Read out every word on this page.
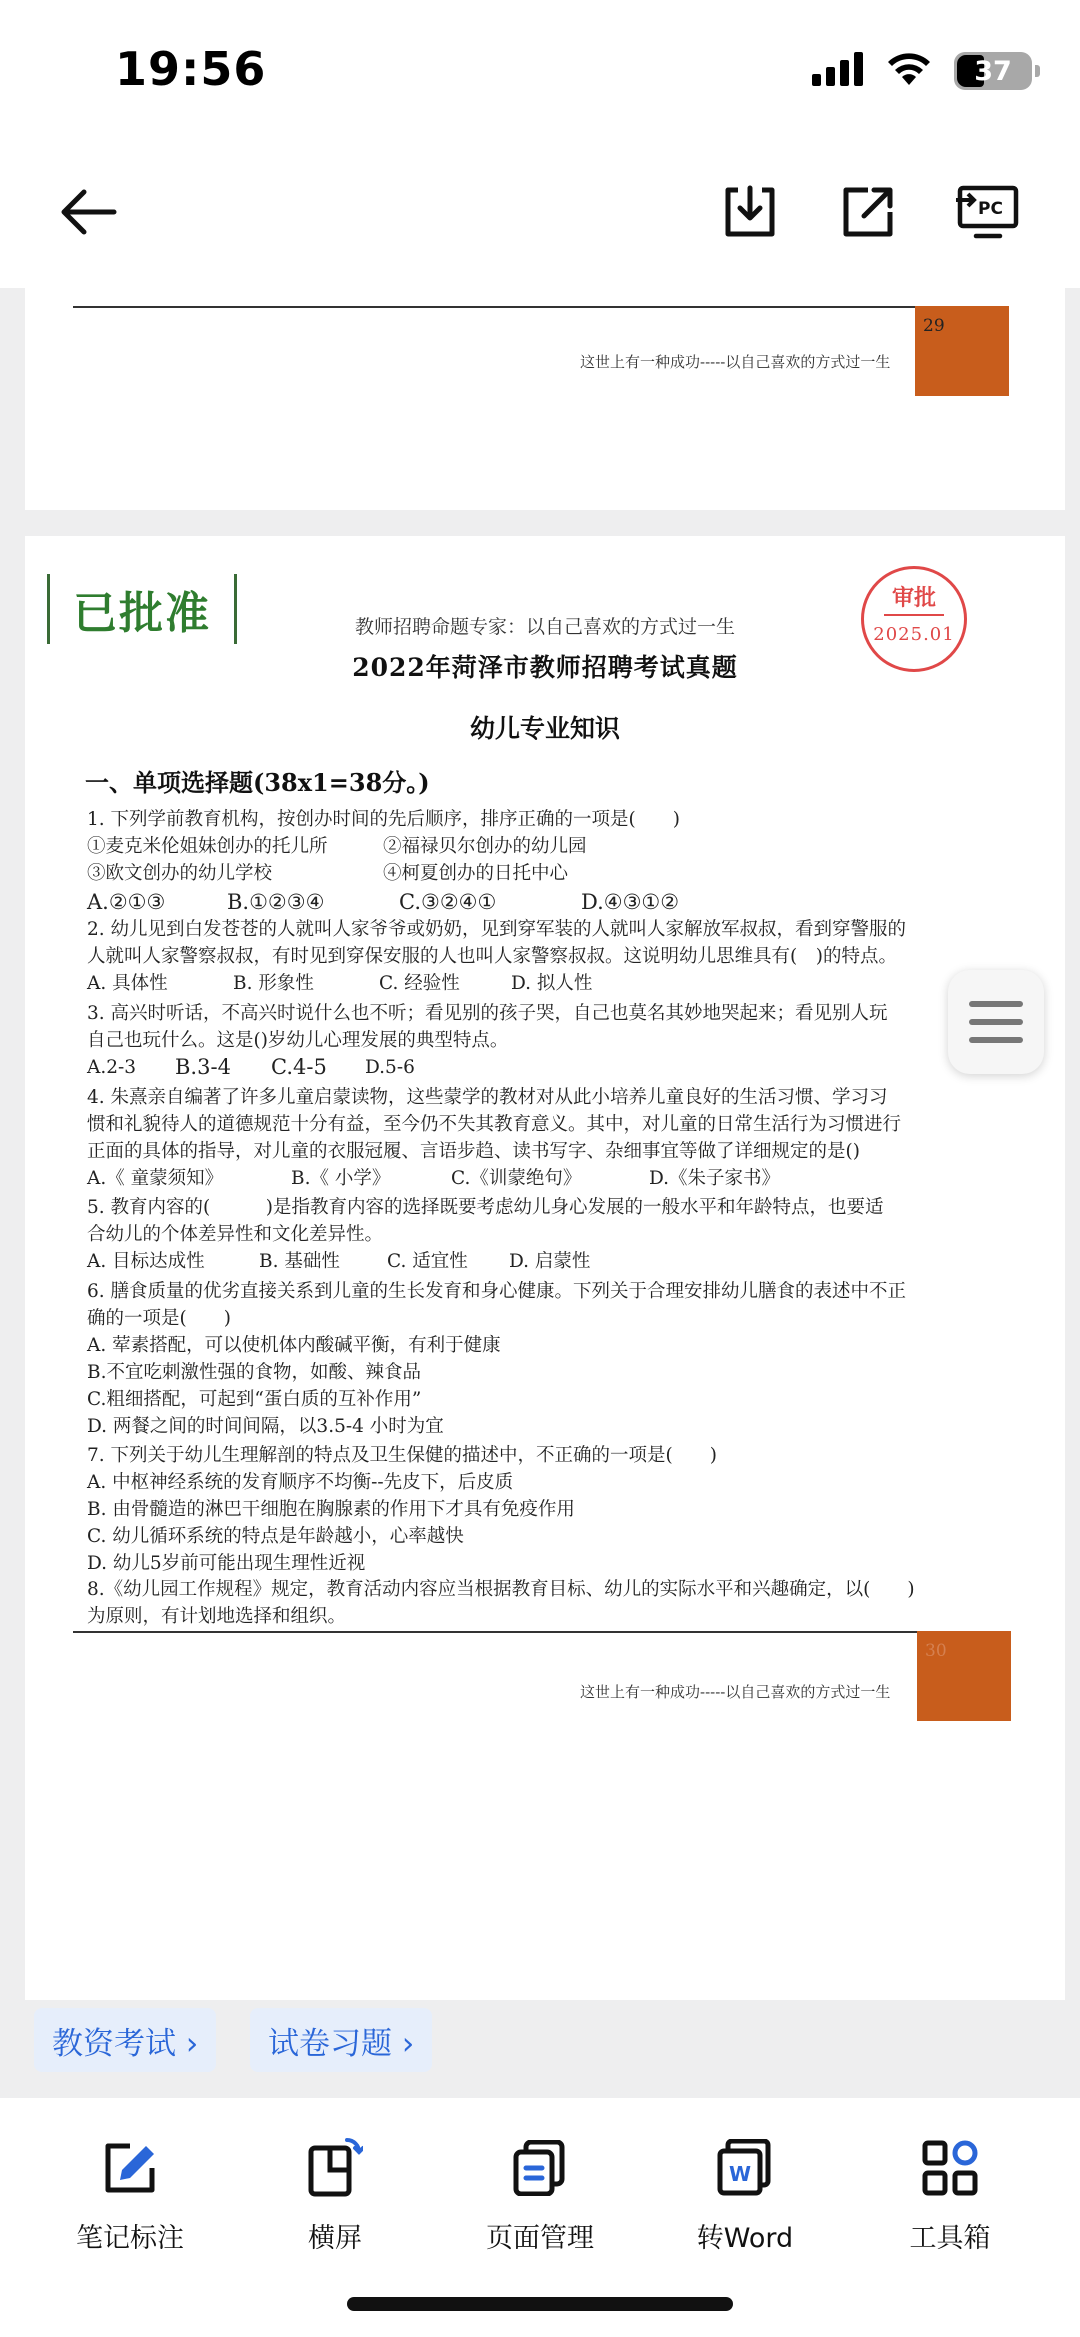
19:56	37
PC
29
这世上有一种成功-----以自己喜欢的方式过一生
已批准	审批
2025.01
教师招聘命题专家：以自己喜欢的方式过一生
2022年菏泽市教师招聘考试真题
幼儿专业知识
一、单项选择题(38x1=38分。)

1. 下列学前教育机构，按创办时间的先后顺序，排序正确的一项是(　　)

①麦克米伦姐妹创办的托儿所　　　②福禄贝尔创办的幼儿园

③欧文创办的幼儿学校　　　　　　④柯夏创办的日托中心

A.②①③	B.①②③④	C.③②④①	D.④③①②

2. 幼儿见到白发苍苍的人就叫人家爷爷或奶奶，见到穿军装的人就叫人家解放军叔叔，看到穿警服的

人就叫人家警察叔叔，有时见到穿保安服的人也叫人家警察叔叔。这说明幼儿思维具有(　)的特点。

A. 具体性	B. 形象性	C. 经验性	D. 拟人性

3. 高兴时听话，不高兴时说什么也不听；看见别的孩子哭，自己也莫名其妙地哭起来；看见别人玩

自己也玩什么。这是()岁幼儿心理发展的典型特点。

A.2-3	B.3-4	C.4-5	D.5-6

4. 朱熹亲自编著了许多儿童启蒙读物，这些蒙学的教材对从此小培养儿童良好的生活习惯、学习习

惯和礼貌待人的道德规范十分有益，至今仍不失其教育意义。其中，对儿童的日常生活行为习惯进行

正面的具体的指导，对儿童的衣服冠履、言语步趋、读书写字、杂细事宜等做了详细规定的是()

A.《 童蒙须知》	B.《 小学》	C.《训蒙绝句》	D.《朱子家书》

5. 教育内容的(　　　)是指教育内容的选择既要考虑幼儿身心发展的一般水平和年龄特点，也要适

合幼儿的个体差异性和文化差异性。

A. 目标达成性	B. 基础性	C. 适宜性	D. 启蒙性

6. 膳食质量的优劣直接关系到儿童的生长发育和身心健康。下列关于合理安排幼儿膳食的表述中不正

确的一项是(　　)

A. 荤素搭配，可以使机体内酸碱平衡，有利于健康

B.不宜吃刺激性强的食物，如酸、辣食品

C.粗细搭配，可起到“蛋白质的互补作用”

D. 两餐之间的时间间隔，以3.5-4 小时为宜

7. 下列关于幼儿生理解剖的特点及卫生保健的描述中，不正确的一项是(　　)

A. 中枢神经系统的发育顺序不均衡--先皮下，后皮质

B. 由骨髓造的淋巴干细胞在胸腺素的作用下才具有免疫作用

C. 幼儿循环系统的特点是年龄越小，心率越快

D. 幼儿5岁前可能出现生理性近视

8.《幼儿园工作规程》规定，教育活动内容应当根据教育目标、幼儿的实际水平和兴趣确定，以(　　)

为原则，有计划地选择和组织。

30
这世上有一种成功-----以自己喜欢的方式过一生
教资考试 ›	试卷习题 ›
笔记标注	横屏	页面管理
W
转Word	工具箱
